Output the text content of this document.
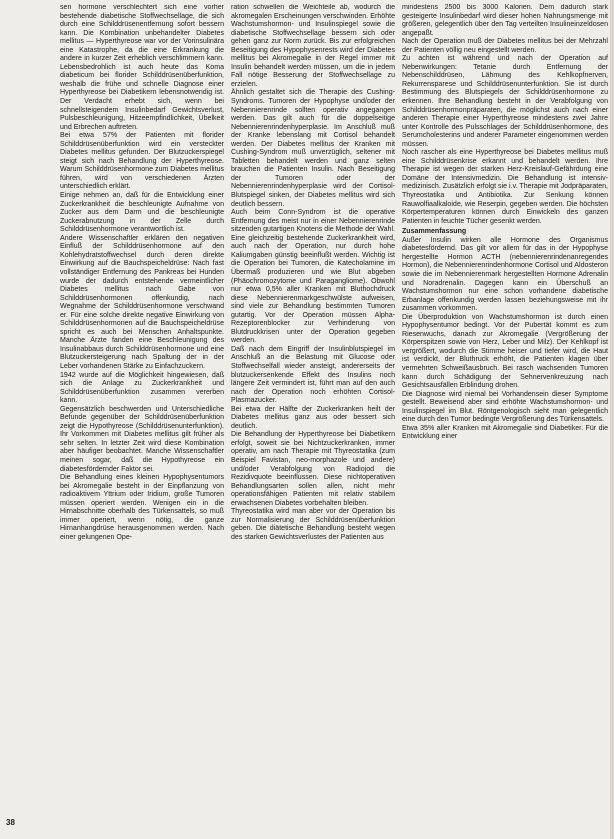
sen hormone verschlechtert sich eine vorher bestehende diabetische Stoffwechsellage, die sich durch eine Schilddrüsenentfernung sofort bessern kann. Die Kombination unbehandelter Diabetes mellitus — Hyperthyreose war vor der Vorinsulinära eine Katastrophe, da die eine Erkrankung die andere in kurzer Zeit erheblich verschlimmern kann. Lebensbedrohlich ist auch heute das Koma diabeticum bei florider Schilddrüsenüberfunktion, weshalb die frühe und schnelle Diagnose einer Hyperthyreose bei Diabetikern lebensnotwendig ist. Der Verdacht erhebt sich, wenn bei schnellsteigendem Insulinbedarf Gewichtsverlust, Pulsbeschleunigung, Hitzeempfindlichkeit, Übelkeit und Erbrechen auftreten.

Bei etwa 57% der Patienten mit florider Schilddrüsenüberfunktion wird ein versteckter Diabetes mellitus gefunden. Der Blutzuckerspiegel steigt sich nach Behandlung der Hyperthyreose. Warum Schilddrüsenhormone zum Diabetes mellitus führen, wird von verschiedenen Ärzten unterschiedlich erklärt.

Einige nehmen an, daß für die Entwicklung einer Zuckerkrankheit die beschleunigte Aufnahme von Zucker aus dem Darm und die beschleunigte Zuckerabnutzung in der Zelle durch Schilddrüsenhormone verantwortlich ist.

Andere Wissenschaftler erklären den negativen Einfluß der Schilddrüsenhormone auf den Kohlehydratstoffwechsel durch deren direkte Einwirkung auf die Bauchspeicheldrüse: Nach fast vollständiger Entfernung des Pankreas bei Hunden wurde der dadurch entstehende vermeintlicher Diabetes mellitus nach Gabe von Schilddrüsenhormonen offenkundig, nach Wegnahme der Schilddrüsenhormone verschwand er. Für eine solche direkte negative Einwirkung von Schilddrüsenhormonen auf die Bauchspeicheldrüse spricht es auch bei Menschen Anhaltspunkte. Manche Ärzte fanden eine Beschleunigung des Insulinabbaus durch Schilddrüsenhormone und eine Blutzuckersteigerung nach Spaltung der in der Leber vorhandenen Stärke zu Einfachzuckern.

1942 wurde auf die Möglichkeit hingewiesen, daß sich die Anlage zu Zuckerkrankheit und Schilddrüsenüberfunktion zusammen vererben kann.

Gegensätzlich beschwerden und Unterschiedliche Befunde gegenüber der Schilddrüsenüberfunktion zeigt die Hypothyreose (Schilddrüsenunterfunktion). Ihr Vorkommen mit Diabetes mellitus gilt früher als sehr selten. In letzter Zeit wird diese Kombination aber häufiger beobachtet. Manche Wissenschaftler meinen sogar, daß die Hypothyreose ein diabetesfördernder Faktor sei.

Die Behandlung eines kleinen Hypophysentumors bei Akromegalie besteht in der Einpflanzung von radioaktivem Yttrium oder Iridium, große Tumoren müssen operiert werden. Wenigen ein in die Hirnabschnitte oberhalb des Türkensattels, so muß immer operiert, wenn nötig, die ganze Hirnanhangdrüse herausgenommen werden. Nach einer gelungenen Ope-

ration schwellen die Weichteile ab, wodurch die akromegalen Erscheinungen verschwinden. Erhöhte Wachstumshormon- und Insulinspiegel sowie die diabetische Stoffwechsellage bessern sich oder gehen ganz zur Norm zurück. Bis zur erfolgreichen Beseitigung des Hypophysenrests wird der Diabetes mellitus bei Akromegalie in der Regel immer mit Insulin behandelt werden müssen, um die in jedem Fall nötige Besserung der Stoffwechsellage zu erzielen.

Ähnlich gestaltet sich die Therapie des Cushing-Syndroms. Tumoren der Hypophyse und/oder der Nebennierenrinde sollten operativ angegangen werden. Das gilt auch für die doppelseitige Nebennierenrindenhyperplasie. Im Anschluß muß der Kranke lebenslang mit Cortisol behandelt werden. Der Diabetes mellitus der Kranken mit Cushing-Syndrom muß unverzüglich, seltener mit Tabletten behandelt werden und ganz selten brauchen die Patienten Insulin. Nach Beseitigung der Tumoren oder der Nebennierenrindenhyperplasie wird der Cortisol-Blutspiegel sinken, der Diabetes mellitus wird sich deutlich bessern.

Auch beim Conn-Syndrom ist die operative Entfernung des meist nur in einer Nebennierenrinde sitzenden gutartigen Knotens die Methode der Wahl. Eine gleichzeitig bestehende Zuckerkrankheit wird, auch nach der Operation, nur durch hohe Kaliumgaben günstig beeinflußt werden. Wichtig ist die Operation bei Tumoren, die Katecholamine im Übermaß produzieren und wie Blut abgeben (Phäochromozytome und Paragangliome). Obwohl nur etwa 0,5% aller Kranken mit Bluthochdruck diese Nebennierenmarkgeschwülste aufweisen, sind viele zur Behandlung bestimmten Tumoren gutartig. Vor der Operation müssen Alpha-Rezeptorenblocker zur Verhinderung von Blutdruckkrisen unter der Operation gegeben werden.

Daß nach dem Eingriff der Insulinblutspiegel im Anschluß an die Belastung mit Glucose oder Stoffwechselfall wieder ansteigt, andererseits der blutzuckersenkende Effekt des Insulins noch längere Zeit vermindert ist, führt man auf den auch nach der Operation noch erhöhten Cortisol-Plasmazucker.

Bei etwa der Hälfte der Zuckerkranken heilt der Diabetes mellitus ganz aus oder bessert sich deutlich.

Die Behandlung der Hyperthyreose bei Diabetikern erfolgt, soweit sie bei Nichtzuckerkranken, immer operativ, am nach Therapie mit Thyreostatika (zum Beispiel Favistan, neo-morphazole und andere) und/oder Verabfolgung von Radiojod die Rezidivquote beeinflussen. Diese nichtoperativen Behandlungsarten sollen allen, nicht mehr operationsfähigen Patienten mit relativ stabilem erwachsenen Diabetes vorbehalten bleiben.

Thyreostatika wird man aber vor der Operation bis zur Normalisierung der Schilddrüsenüberfunktion geben. Die diätetische Behandlung besteht wegen des starken Gewichtsverlustes der Patienten aus

mindestens 2500 bis 3000 Kalorien. Dem dadurch stark gesteigerte Insulinbedarf wird dieser hohen Nahrungsmenge mit größeren, gelegentlich über den Tag verteilten Insulineinzeldosen angepaßt.

Nach der Operation muß der Diabetes mellitus bei der Mehrzahl der Patienten völlig neu eingestellt werden.

Zu achten ist während und nach der Operation auf Nebenwirkungen: Tetanie durch Entfernung der Nebenschilddrüsen, Lähmung des Kehlkopfnerven, Rekurrensparese und Schilddrüsenunterfunktion. Sie ist durch Bestimmung des Blutspiegels der Schilddrüsenhormone zu erkennen. Ihre Behandlung besteht in der Verabfolgung von Schilddrüsenhormonpräparaten, die möglichst auch nach einer anderen Therapie einer Hyperthyreose mindestens zwei Jahre unter Kontrolle des Pulsschlages der Schilddrüsenhormone, des Serumcholesterins und anderer Parameter eingenommen werden müssen.

Noch rascher als eine Hyperthyreose bei Diabetes mellitus muß eine Schilddrüsenkrise erkannt und behandelt werden. Ihre Therapie ist wegen der starken Herz-Kreislauf-Gefährdung eine Domäne der Intensivmedizin. Die Behandlung ist intensiv-medizinisch. Zusätzlich erfolgt sie i.v. Therapie mit Jodpräparaten, Thyreostatika und Antibiotika. Zur Senkung können Rauwolfiaalkaloide, wie Reserpin, gegeben werden. Die höchsten Körpertemperaturen können durch Einwickeln des ganzen Patienten in feuchte Tücher gesenkt werden.

Zusammenfassung

Außer Insulin wirken alle Hormone des Organismus diabetesfördernd. Das gilt vor allem für das in der Hypophyse hergestellte Hormon ACTH (nebennierenrindenanregendes Hormon), die Nebennierenrindenhormone Cortisol und Aldosteron sowie die im Nebennierenmark hergestellten Hormone Adrenalin und Noradrenalin. Dagegen kann ein Überschuß an Wachstumshormon nur eine schon vorhandene diabetische Erbanlage offenkundig werden lassen beziehungsweise mit ihr zusammen vorkommen.

Die Überproduktion von Wachstumshormon ist durch einen Hypophysentumor bedingt. Vor der Pubertät kommt es zum Riesenwuchs, danach zur Akromegalie (Vergrößerung der Körperspitzen sowie von Herz, Leber und Milz). Der Kehlkopf ist vergrößert, wodurch die Stimme heiser und tiefer wird, die Haut ist verdickt, der Bluthruck erhöht, die Patienten klagen über vermehrten Schweißausbruch. Bei rasch wachsenden Tumoren kann durch Schädigung der Sehnervenkreuzung nach Gesichtsausfällen Erblindung drohen.

Die Diagnose wird niemal bei Vorhandensein dieser Symptome gestellt. Beweisend aber sind erhöhte Wachstumshormon- und Insulinspiegel im Blut. Röntgenologisch sieht man gelegentlich eine durch den Tumor bedingte Vergrößerung des Türkensattels.

Etwa 35% aller Kranken mit Akromegalie sind Diabetiker. Für die Entwicklung einer

38
